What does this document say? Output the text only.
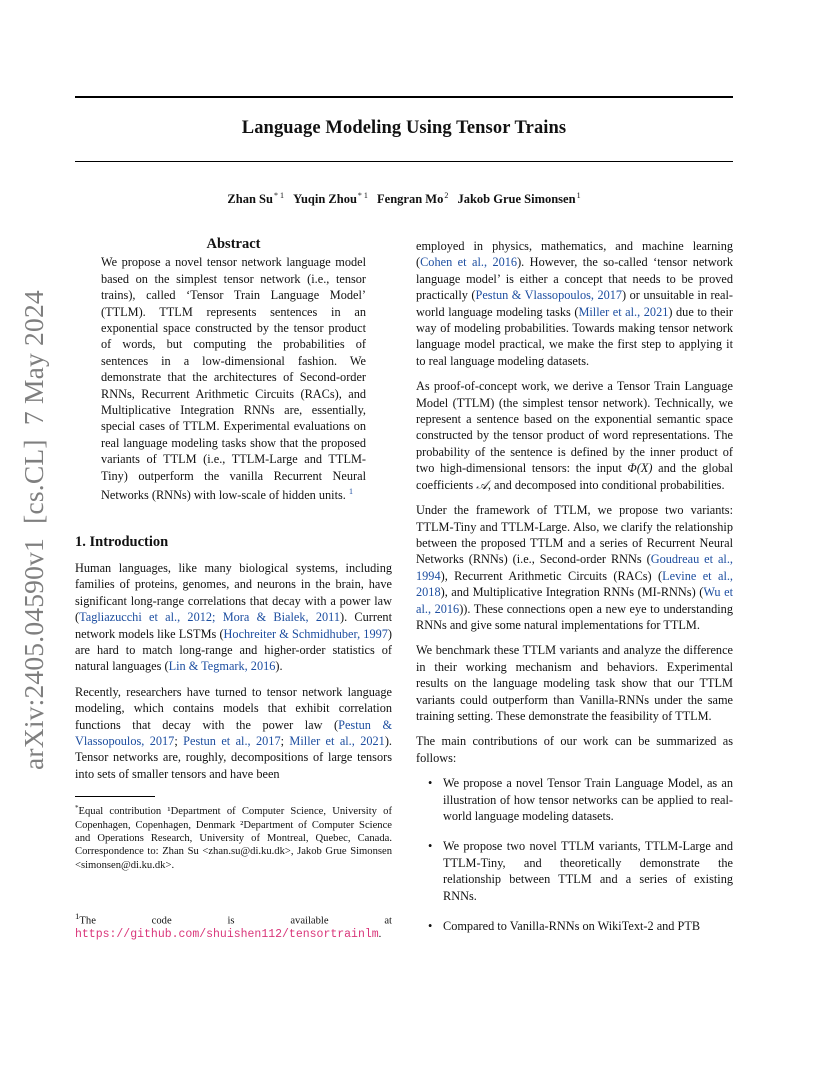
Language Modeling Using Tensor Trains
Zhan Su$^{* 1}$ Yuqin Zhou$^{* 1}$ Fengran Mo$^2$ Jakob Grue Simonsen$^1$
arXiv:2405.04590v1  [cs.CL]  7 May 2024
Abstract
We propose a novel tensor network language model based on the simplest tensor network (i.e., tensor trains), called ‘Tensor Train Language Model’ (TTLM). TTLM represents sentences in an exponential space constructed by the tensor product of words, but computing the probabilities of sentences in a low-dimensional fashion. We demonstrate that the architectures of Second-order RNNs, Recurrent Arithmetic Circuits (RACs), and Multiplicative Integration RNNs are, essentially, special cases of TTLM. Experimental evaluations on real language modeling tasks show that the proposed variants of TTLM (i.e., TTLM-Large and TTLM-Tiny) outperform the vanilla Recurrent Neural Networks (RNNs) with low-scale of hidden units. $^1$
1. Introduction

Human languages, like many biological systems, including families of proteins, genomes, and neurons in the brain, have significant long-range correlations that decay with a power law (Tagliazucchi et al., 2012; Mora & Bialek, 2011). Current network models like LSTMs (Hochreiter & Schmidhuber, 1997) are hard to match long-range and higher-order statistics of natural languages (Lin & Tegmark, 2016).

Recently, researchers have turned to tensor network language modeling, which contains models that exhibit correlation functions that decay with the power law (Pestun & Vlassopoulos, 2017; Pestun et al., 2017; Miller et al., 2021). Tensor networks are, roughly, decompositions of large tensors into sets of smaller tensors and have been

*Equal contribution ¹Department of Computer Science, University of Copenhagen, Copenhagen, Denmark ²Department of Computer Science and Operations Research, University of Montreal, Quebec, Canada. Correspondence to: Zhan Su <zhan.su@di.ku.dk>, Jakob Grue Simonsen <simonsen@di.ku.dk>.
$^1$The code is available at https://github.com/shuishen112/tensortrainlm.

employed in physics, mathematics, and machine learning (Cohen et al., 2016). However, the so-called ‘tensor network language model’ is either a concept that needs to be proved practically (Pestun & Vlassopoulos, 2017) or unsuitable in real-world language modeling tasks (Miller et al., 2021) due to their way of modeling probabilities. Towards making tensor network language model practical, we make the first step to applying it to real language modeling datasets.

As proof-of-concept work, we derive a Tensor Train Language Model (TTLM) (the simplest tensor network). Technically, we represent a sentence based on the exponential semantic space constructed by the tensor product of word representations. The probability of the sentence is defined by the inner product of two high-dimensional tensors: the input Φ(X) and the global coefficients 𝒜, and decomposed into conditional probabilities.

Under the framework of TTLM, we propose two variants: TTLM-Tiny and TTLM-Large. Also, we clarify the relationship between the proposed TTLM and a series of Recurrent Neural Networks (RNNs) (i.e., Second-order RNNs (Goudreau et al., 1994), Recurrent Arithmetic Circuits (RACs) (Levine et al., 2018), and Multiplicative Integration RNNs (MI-RNNs) (Wu et al., 2016)). These connections open a new eye to understanding RNNs and give some natural implementations for TTLM.

We benchmark these TTLM variants and analyze the difference in their working mechanism and behaviors. Experimental results on the language modeling task show that our TTLM variants could outperform than Vanilla-RNNs under the same training setting. These demonstrate the feasibility of TTLM.

The main contributions of our work can be summarized as follows:

• We propose a novel Tensor Train Language Model, as an illustration of how tensor networks can be applied to real-world language modeling datasets.
• We propose two novel TTLM variants, TTLM-Large and TTLM-Tiny, and theoretically demonstrate the relationship between TTLM and a series of existing RNNs.
• Compared to Vanilla-RNNs on WikiText-2 and PTB
